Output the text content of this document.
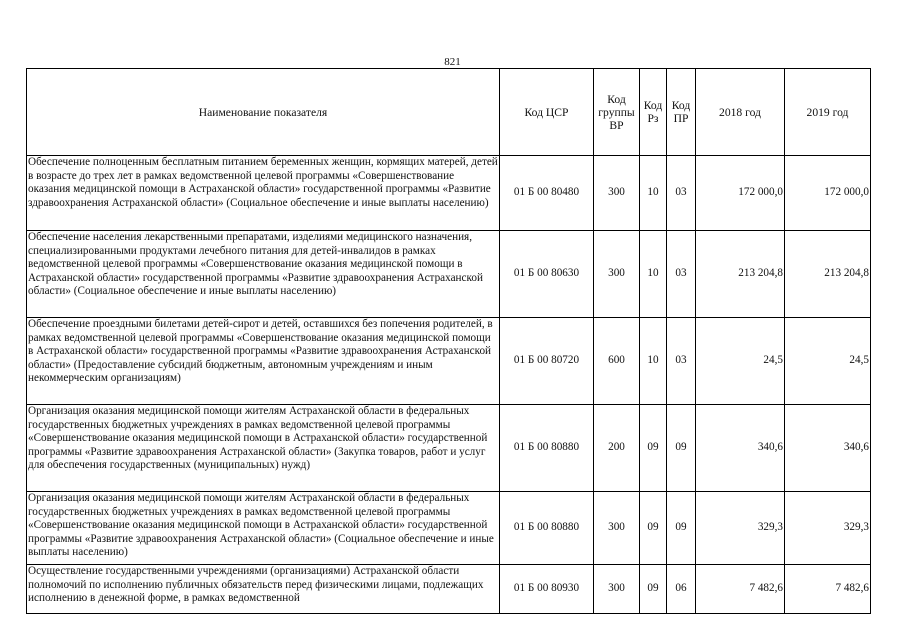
821
Наименование показателя	Код ЦСР	Код группы ВР	Код Рз	Код ПР	2018 год	2019 год
Обеспечение полноценным бесплатным питанием беременных женщин, кормящих матерей, детей в возрасте до трех лет в рамках ведомственной целевой программы «Совершенствование оказания медицинской помощи в Астраханской области» государственной программы «Развитие здравоохранения Астраханской области» (Социальное обеспечение и иные выплаты населению)	01 Б 00 80480	300	10	03	172 000,0	172 000,0
Обеспечение населения лекарственными препаратами, изделиями медицинского назначения, специализированными продуктами лечебного питания для детей-инвалидов в рамках ведомственной целевой программы «Совершенствование оказания медицинской помощи в Астраханской области» государственной программы «Развитие здравоохранения Астраханской области» (Социальное обеспечение и иные выплаты населению)	01 Б 00 80630	300	10	03	213 204,8	213 204,8
Обеспечение проездными билетами детей-сирот и детей, оставшихся без попечения родителей, в рамках ведомственной целевой программы «Совершенствование оказания медицинской помощи в Астраханской области» государственной программы «Развитие здравоохранения Астраханской области» (Предоставление субсидий бюджетным, автономным учреждениям и иным некоммерческим организациям)	01 Б 00 80720	600	10	03	24,5	24,5
Организация оказания медицинской помощи жителям Астраханской области в федеральных государственных бюджетных учреждениях в рамках ведомственной целевой программы «Совершенствование оказания медицинской помощи в Астраханской области» государственной программы «Развитие здравоохранения Астраханской области» (Закупка товаров, работ и услуг для обеспечения государственных (муниципальных) нужд)	01 Б 00 80880	200	09	09	340,6	340,6
Организация оказания медицинской помощи жителям Астраханской области в федеральных государственных бюджетных учреждениях в рамках ведомственной целевой программы «Совершенствование оказания медицинской помощи в Астраханской области» государственной программы «Развитие здравоохранения Астраханской области» (Социальное обеспечение и иные выплаты населению)	01 Б 00 80880	300	09	09	329,3	329,3
Осуществление государственными учреждениями (организациями) Астраханской области полномочий по исполнению публичных обязательств перед физическими лицами, подлежащих исполнению в денежной форме, в рамках ведомственной	01 Б 00 80930	300	09	06	7 482,6	7 482,6
